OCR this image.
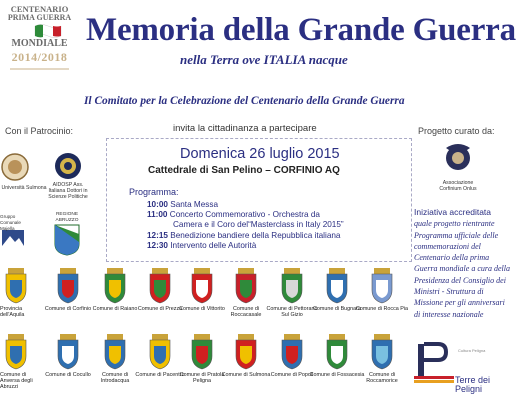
CENTENARIO
PRIMA GUERRA
MONDIALE
2014/2018
Memoria della Grande Guerra
nella Terra ove ITALIA nacque
Il Comitato per la Celebrazione del Centenario della Grande Guerra
Con il Patrocinio:	invita la cittadinanza a partecipare	Progetto curato da:
Università Sulmona	AIDOSP Ass. Italiana Dottori in Scienze Politiche
Gruppo Comunale Majella
REGIONE ABRUZZO
Domenica 26 luglio 2015
Cattedrale di San Pelino – CORFINIO AQ
Programma:
10:00 Santa Messa
11:00 Concerto Commemorativo - Orchestra da
Camera e il Coro del“Masterclass in Italy 2015”
12:15 Benedizione bandiere della Repubblica italiana
12:30 Intervento delle Autorità
Associazione Corfinium Onlus
Iniziativa accreditata
quale progetto rientrante
Programma ufficiale delle
commemorazioni del
Centenario della prima
Guerra mondiale a cura della
Presidenza del Consiglio dei
Ministri - Struttura di
Missione per gli anniversari
di interesse nazionale
Provincia dell'Aquila
Comune di Corfinio Comune di Raiano Comune di Prezza
Comune di Vittorito	Comune di Roccacasale
Comune di Pettorano Sul Gizio
Comune di Bugnara
Comune di Rocca Pia
Comune di Anversa degli Abruzzi
Comune di Cocullo	Comune di Introdacqua
Comune di Pacentro
Comune di Pratola Peligna
Comune di Sulmona Comune di Popoli
Comune di Fossacesia Comune di Roccamorice	Terre dei Peligni
Cultura Peligna
